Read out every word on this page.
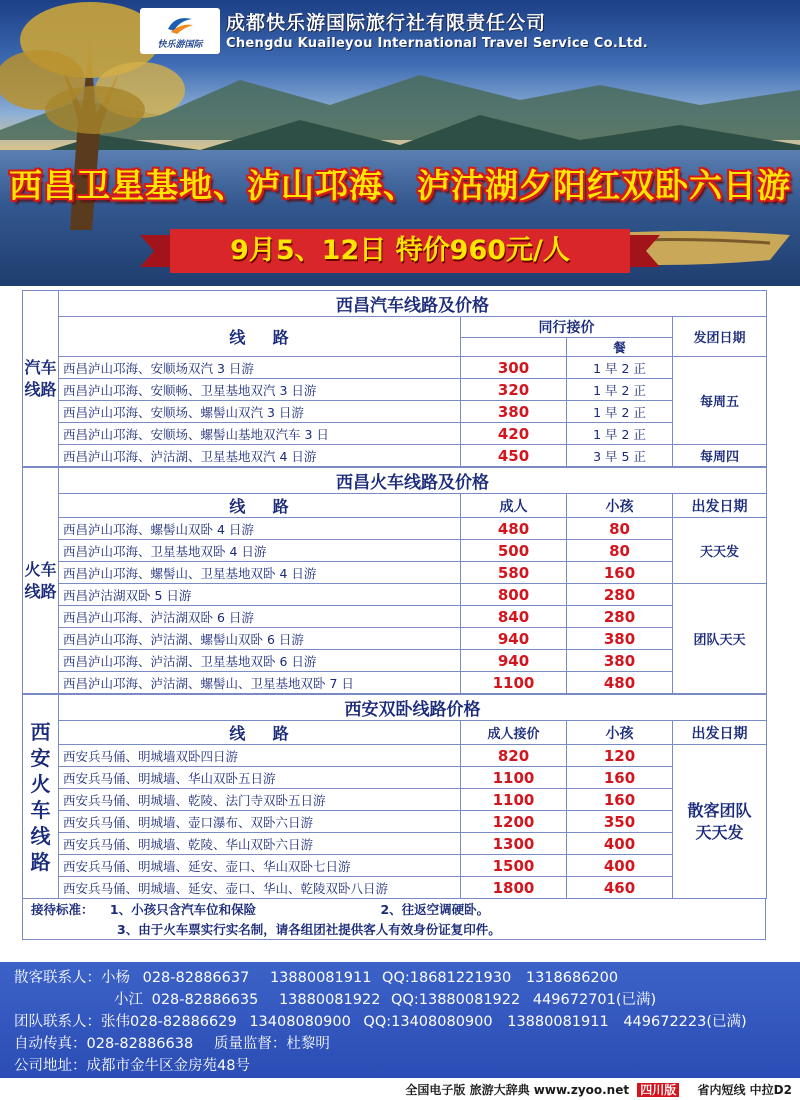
快乐游国际
成都快乐游国际旅行社有限责任公司
Chengdu Kuaileyou International Travel Service Co.Ltd.
西昌卫星基地、泸山邛海、泸沽湖夕阳红双卧六日游
9月5、12日 特价960元/人
汽车线路	西昌汽车线路及价格			
	线    路	同行接价		发团日期
			餐	
	西昌泸山邛海、安顺场双汽 3 日游	300	1 早 2 正	每周五
	西昌泸山邛海、安顺畅、卫星基地双汽 3 日游	320	1 早 2 正	
	西昌泸山邛海、安顺场、螺髻山双汽 3 日游	380	1 早 2 正	
	西昌泸山邛海、安顺场、螺髻山基地双汽车 3 日	420	1 早 2 正	
	西昌泸山邛海、泸沽湖、卫星基地双汽 4 日游	450	3 早 5 正	每周四
火车线路	西昌火车线路及价格			
	线    路	成人	小孩	出发日期
	西昌泸山邛海、螺髻山双卧 4 日游	480	80	天天发
	西昌泸山邛海、卫星基地双卧 4 日游	500	80	
	西昌泸山邛海、螺髻山、卫星基地双卧 4 日游	580	160	
	西昌泸沽湖双卧 5 日游	800	280	团队天天
	西昌泸山邛海、泸沽湖双卧 6 日游	840	280	
	西昌泸山邛海、泸沽湖、螺髻山双卧 6 日游	940	380	
	西昌泸山邛海、泸沽湖、卫星基地双卧 6 日游	940	380	
	西昌泸山邛海、泸沽湖、螺髻山、卫星基地双卧 7 日	1100	480	
西安火车线路	西安双卧线路价格			
	线    路	成人接价	小孩	出发日期
	西安兵马俑、明城墙双卧四日游	820	120	散客团队天天发
	西安兵马俑、明城墙、华山双卧五日游	1100	160	
	西安兵马俑、明城墙、乾陵、法门寺双卧五日游	1100	160	
	西安兵马俑、明城墙、壶口瀑布、双卧六日游	1200	350	
	西安兵马俑、明城墙、乾陵、华山双卧六日游	1300	400	
	西安兵马俑、明城墙、延安、壶口、华山双卧七日游	1500	400	
	西安兵马俑、明城墙、延安、壶口、华山、乾陵双卧八日游	1800	460	
接待标准： 1、小孩只含汽车位和保险	2、往返空调硬卧。
3、由于火车票实行实名制，请各组团社提供客人有效身份证复印件。
散客联系人：小杨 028-82886637 13880081911 QQ:18681221930 1318686200
小江 028-82886635 13880081922 QQ:13880081922 449672701(已满)
团队联系人：张伟028-82886629 13408080900 QQ:13408080900 13880081911 449672223(已满)
自动传真：028-82886638 质量监督：杜黎明
公司地址：成都市金牛区金房苑48号
全国电子版 旅游大辞典 www.zyoo.net 四川版 省内短线 中拉D2
